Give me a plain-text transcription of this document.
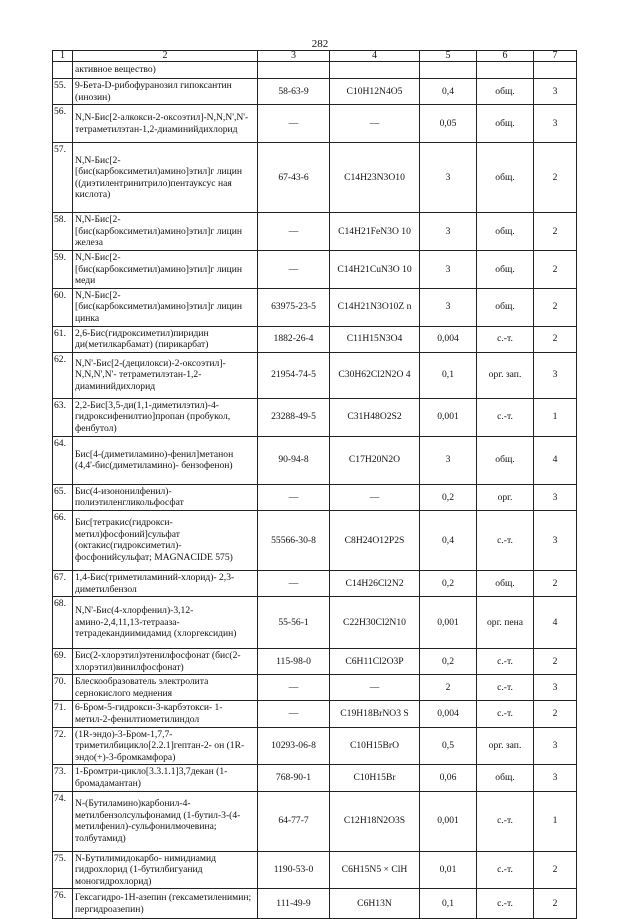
282
1	2	3	4	5	6	7
	активное вещество)					
55.	9-Бета-D-рибофуранозил гипоксантин (инозин)	58-63-9	C10H12N4O5	0,4	общ.	3
56.	N,N-Бис[2-алкокси-2-оксоэтил]-N,N,N',N'-тетраметилэтан-1,2-диаминийдихлорид	—	—	0,05	общ.	3
57.	N,N-Бис[2-[бис(карбоксиметил)амино]этил]г лицин ((диэтилентринитрило)пентауксус ная кислота)	67-43-6	C14H23N3O10	3	общ.	2
58.	N,N-Бис[2-[бис(карбоксиметил)амино]этил]г лицин железа	—	C14H21FeN3O 10	3	общ.	2
59.	N,N-Бис[2-[бис(карбоксиметил)амино]этил]г лицин меди	—	C14H21CuN3O 10	3	общ.	2
60.	N,N-Бис[2-[бис(карбоксиметил)амино]этил]г лицин цинка	63975-23-5	C14H21N3O10Z n	3	общ.	2
61.	2,6-Бис(гидроксиметил)пиридин ди(метилкарбамат) (пирикарбат)	1882-26-4	C11H15N3O4	0,004	с.-т.	2
62.	N,N'-Бис[2-(децилокси)-2-оксоэтил]-N,N,N',N'- тетраметилэтан-1,2- диаминийдихлорид	21954-74-5	C30H62Cl2N2O 4	0,1	орг. зап.	3
63.	2,2-Бис[3,5-ди(1,1-диметилэтил)-4-гидроксифенилтио]пропан (пробукол, фенбутол)	23288-49-5	C31H48O2S2	0,001	с.-т.	1
64.	Бис[4-(диметиламино)-фенил]метанон (4,4'-бис(диметиламино)- бензофенон)	90-94-8	C17H20N2O	3	общ.	4
65.	Бис(4-изононилфенил)-полиэтиленгликольфосфат	—	—	0,2	орг.	3
66.	Бис[тетракис(гидрокси-метил)фосфоний]сульфат (октакис(гидроксиметил)-фосфонийсульфат; MAGNACIDE 575)	55566-30-8	C8H24O12P2S	0,4	с.-т.	3
67.	1,4-Бис(триметиламиний-хлорид)- 2,3-диметилбензол	—	C14H26Cl2N2	0,2	общ.	2
68.	N,N'-Бис(4-хлорфенил)-3,12- амино-2,4,11,13-тетрааза-тетрадекандиимидамид (хлоргексидин)	55-56-1	C22H30Cl2N10	0,001	орг. пена	4
69.	Бис(2-хлорэтил)этенилфосфонат (бис(2-хлорэтил)винилфосфонат)	115-98-0	C6H11Cl2O3P	0,2	с.-т.	2
70.	Блескообразователь электролита сернокислого меднения	—	—	2	с.-т.	3
71.	6-Бром-5-гидрокси-3-карбэтокси- 1-метил-2-фенилтиометилиндол	—	C19H18BrNO3 S	0,004	с.-т.	2
72.	(1R-эндо)-3-Бром-1,7,7-триметилбицикло[2.2.1]гептан-2- он (1R-эндо(+)-3-бромкамфора)	10293-06-8	C10H15BrO	0,5	орг. зап.	3
73.	1-Бромтри-цикло[3.3.1.1]3,7декан (1-бромадамантан)	768-90-1	C10H15Br	0,06	общ.	3
74.	N-(Бутиламино)карбонил-4-метилбензолсульфонамид (1-бутил-3-(4-метилфенил)-сульфонилмочевина; толбутамид)	64-77-7	C12H18N2O3S	0,001	с.-т.	1
75.	N-Бутилимидокарбо- нимидиамид гидрохлорид (1-бутилбигуанид моногидрохлорид)	1190-53-0	C6H15N5 × ClH	0,01	с.-т.	2
76.	Гексагидро-1Н-азепин (гексаметиленимин; пергидроазепин)	111-49-9	C6H13N	0,1	с.-т.	2
